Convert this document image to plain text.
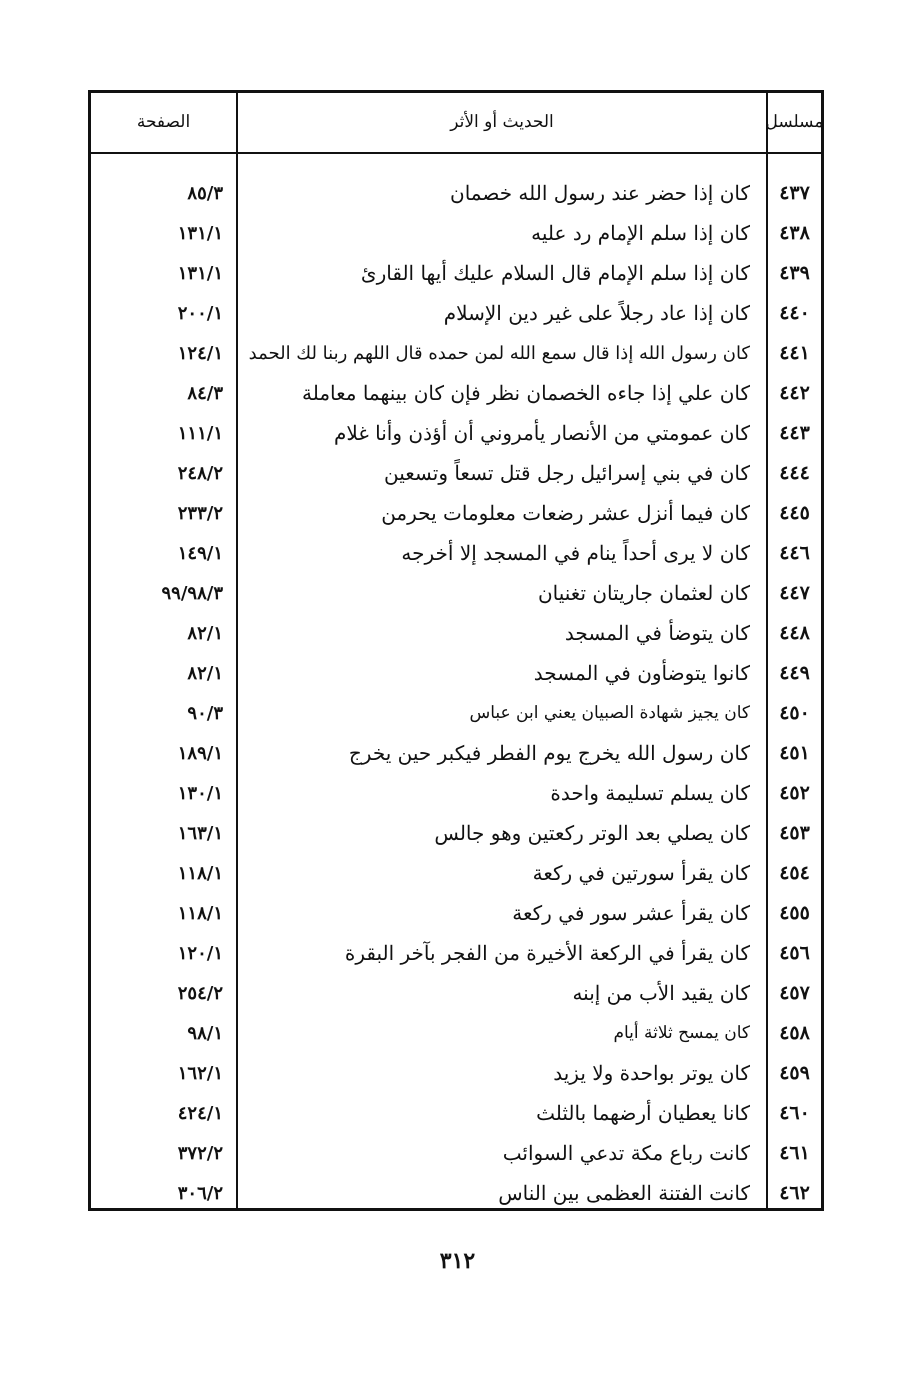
مسلسل
الحديث أو الأثر
الصفحة
٤٣٧
كان إذا حضر عند رسول الله خصمان
٨٥/٣
٤٣٨
كان إذا سلم الإمام رد عليه
١٣١/١
٤٣٩
كان إذا سلم الإمام قال السلام عليك أيها القارئ
١٣١/١
٤٤٠
كان إذا عاد رجلاً على غير دين الإسلام
٢٠٠/١
٤٤١
كان رسول الله إذا قال سمع الله لمن حمده قال اللهم ربنا لك الحمد
١٢٤/١
٤٤٢
كان علي إذا جاءه الخصمان نظر فإن كان بينهما معاملة
٨٤/٣
٤٤٣
كان عمومتي من الأنصار يأمروني أن أؤذن وأنا غلام
١١١/١
٤٤٤
كان في بني إسرائيل رجل قتل تسعاً وتسعين
٢٤٨/٢
٤٤٥
كان فيما أنزل عشر رضعات معلومات يحرمن
٢٣٣/٢
٤٤٦
كان لا يرى أحداً ينام في المسجد إلا أخرجه
١٤٩/١
٤٤٧
كان لعثمان جاريتان تغنيان
٩٩/٩٨/٣
٤٤٨
كان يتوضأ في المسجد
٨٢/١
٤٤٩
كانوا يتوضأون في المسجد
٨٢/١
٤٥٠
كان يجيز شهادة الصبيان يعني ابن عباس
٩٠/٣
٤٥١
كان رسول الله يخرج يوم الفطر فيكبر حين يخرج
١٨٩/١
٤٥٢
كان يسلم تسليمة واحدة
١٣٠/١
٤٥٣
كان يصلي بعد الوتر ركعتين وهو جالس
١٦٣/١
٤٥٤
كان يقرأ سورتين في ركعة
١١٨/١
٤٥٥
كان يقرأ عشر سور في ركعة
١١٨/١
٤٥٦
كان يقرأ في الركعة الأخيرة من الفجر بآخر البقرة
١٢٠/١
٤٥٧
كان يقيد الأب من إبنه
٢٥٤/٢
٤٥٨
كان يمسح ثلاثة أيام
٩٨/١
٤٥٩
كان يوتر بواحدة ولا يزيد
١٦٢/١
٤٦٠
كانا يعطيان أرضهما بالثلث
٤٢٤/١
٤٦١
كانت رباع مكة تدعي السوائب
٣٧٢/٢
٤٦٢
كانت الفتنة العظمى بين الناس
٣٠٦/٢
٣١٢
